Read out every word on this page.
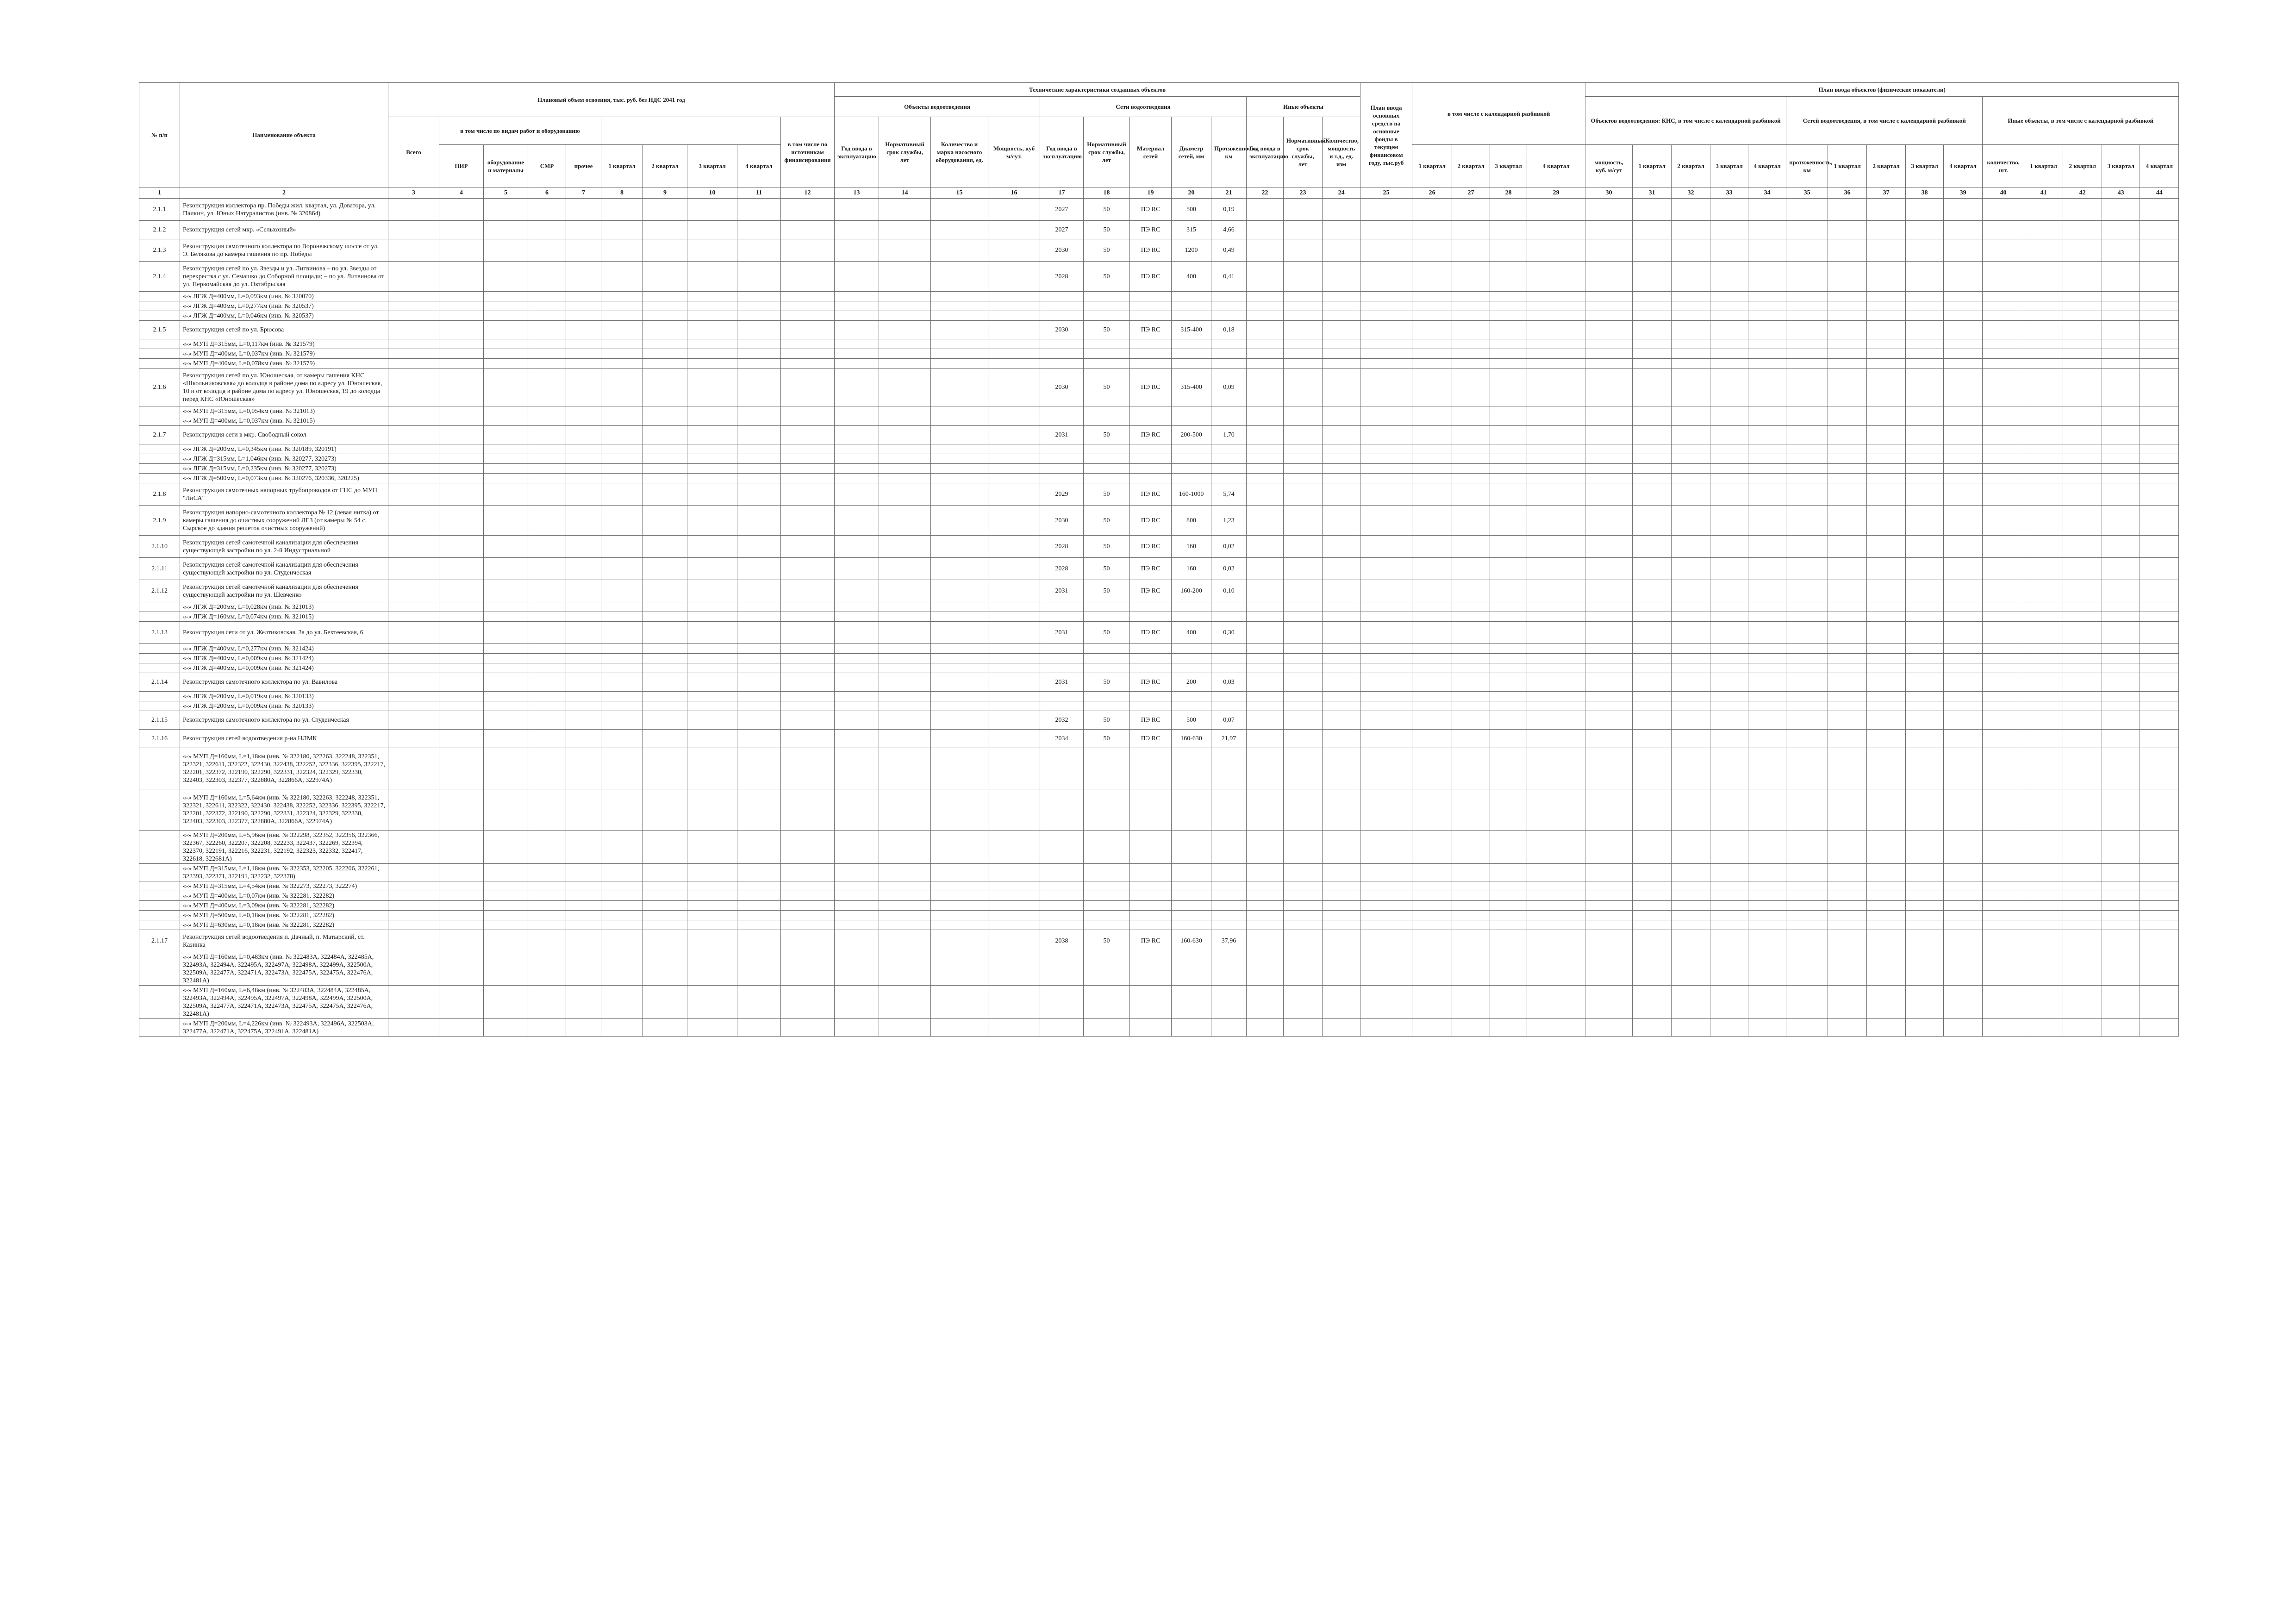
№ п/п	Наименование объекта	Плановый объем освоения, тыс. руб. без НДС 2041 год										Технические характеристики созданных объектов												План ввода основных средств на основные фонды в текущем финансовом году, тыс.руб	в том числе с календарной разбивкой				План ввода объектов (физические показатели)														
												Объекты водоотведения				Сети водоотведения					Иные объекты								Объектов водоотведения: КНС, в том числе с календарной разбивкой					Сетей водоотведения, в том числе с календарной разбивкой					Иные объекты, в том числе с календарной разбивкой				
		Всего	в том числе по видам работ и оборудованию								в том числе по источникам финансирования	Год ввода в эксплуатацию	Нормативный срок службы, лет	Количество и марка насосного оборудования, ед.	Мощность, куб м/сут.	Год ввода в эксплуатацию	Нормативный срок службы, лет	Материал сетей	Диаметр сетей, мм	Протяженность, км	Год ввода в эксплуатацию	Нормативный срок службы, лет	Количество, мощность и т.д., ед. изм																				
			ПИР	оборудование и материалы	СМР	прочее	1 квартал	2 квартал	3 квартал	4 квартал															1 квартал	2 квартал	3 квартал	4 квартал	мощность, куб. м/сут	1 квартал	2 квартал	3 квартал	4 квартал	протяженность, км	1 квартал	2 квартал	3 квартал	4 квартал	количество, шт.	1 квартал	2 квартал	3 квартал	4 квартал
1	2	3	4	5	6	7	8	9	10	11	12	13	14	15	16	17	18	19	20	21	22	23	24	25	26	27	28	29	30	31	32	33	34	35	36	37	38	39	40	41	42	43	44
2.1.1	Реконструкция коллектора пр. Победы жил. квартал, ул. Доватора, ул. Палкин, ул. Юных Натуралистов (инв. № 320864)															2027	50	ПЭ RC	500	0,19																							
2.1.2	Реконструкция сетей мкр. «Сельхозный»															2027	50	ПЭ RC	315	4,66																							
2.1.3	Реконструкция самотечного коллектора по Воронежскому шоссе от ул. Э. Белякова до камеры гашения по пр. Победы															2030	50	ПЭ RC	1200	0,49																							
2.1.4	Реконструкция сетей по ул. Звезды и ул. Литвиновa – по ул. Звезды от перекрестка с ул. Семашко до Соборной площади; – по ул. Литвиновa от ул. Первомайская до ул. Октябрьская															2028	50	ПЭ RC	400	0,41																							
	«-» ЛГЖ Д=400мм, L=0,093км (инв. № 320070)																																										
	«-» ЛГЖ Д=400мм, L=0,277км (инв. № 320537)																																										
	«-» ЛГЖ Д=400мм, L=0,046км (инв. № 320537)																																										
2.1.5	Реконструкция сетей по ул. Брюсовa															2030	50	ПЭ RC	315-400	0,18																							
	«-» МУП Д=315мм, L=0,117км (инв. № 321579)																																										
	«-» МУП Д=400мм, L=0,037км (инв. № 321579)																																										
	«-» МУП Д=400мм, L=0,078км (инв. № 321579)																																										
2.1.6	Реконструкция сетей по ул. Юношеская, от камеры гашения КНС «Школьниковская» до колодца в районе дома по адресу ул. Юношеская, 10 и от колодца в районе дома по адресу ул. Юношеская, 19 до колодца перед КНС «Юношеская»															2030	50	ПЭ RC	315-400	0,09																							
	«-» МУП Д=315мм, L=0,054км (инв. № 321013)																																										
	«-» МУП Д=400мм, L=0,037км (инв. № 321015)																																										
2.1.7	Реконструкция сети в мкр. Свободный сокол															2031	50	ПЭ RC	200-500	1,70																							
	«-» ЛГЖ Д=200мм, L=0,345км (инв. № 320189, 320191)																																										
	«-» ЛГЖ Д=315мм, L=1,046км (инв. № 320277, 320273)																																										
	«-» ЛГЖ Д=315мм, L=0,235км (инв. № 320277, 320273)																																										
	«-» ЛГЖ Д=500мм, L=0,073км (инв. № 320276, 320336, 320225)																																										
2.1.8	Реконструкция самотечных напорных трубопроводов от ГНС до МУП "ЛиСА"															2029	50	ПЭ RC	160-1000	5,74																							
2.1.9	Реконструкция напорно-самотечного коллектора № 12 (левая нитка) от камеры гашения до очистных сооружений ЛГЗ (от камеры № 54 с. Сырское до здания решеток очистных сооружений)															2030	50	ПЭ RC	800	1,23																							
2.1.10	Реконструкция сетей самотечной канализации для обеспечения существующей застройки по ул. 2-й Индустриальной															2028	50	ПЭ RC	160	0,02																							
2.1.11	Реконструкция сетей самотечной канализации для обеспечения существующей застройки по ул. Студенческая															2028	50	ПЭ RC	160	0,02																							
2.1.12	Реконструкция сетей самотечной канализации для обеспечения существующей застройки по ул. Шевченко															2031	50	ПЭ RC	160-200	0,10																							
	«-» ЛГЖ Д=200мм, L=0,028км (инв. № 321013)																																										
	«-» ЛГЖ Д=160мм, L=0,074км (инв. № 321015)																																										
2.1.13	Реконструкция сети от ул. Желтиковская, 3а до ул. Бехтеевская, 6															2031	50	ПЭ RC	400	0,30																							
	«-» ЛГЖ Д=400мм, L=0,277км (инв. № 321424)																																										
	«-» ЛГЖ Д=400мм, L=0,009км (инв. № 321424)																																										
	«-» ЛГЖ Д=400мм, L=0,009км (инв. № 321424)																																										
2.1.14	Реконструкция самотечного коллектора по ул. Вавилова															2031	50	ПЭ RC	200	0,03																							
	«-» ЛГЖ Д=200мм, L=0,019км (инв. № 320133)																																										
	«-» ЛГЖ Д=200мм, L=0,009км (инв. № 320133)																																										
2.1.15	Реконструкция самотечного коллектора по ул. Студенческая															2032	50	ПЭ RC	500	0,07																							
2.1.16	Реконструкция сетей водоотведения р-на НЛМК															2034	50	ПЭ RC	160-630	21,97																							
	«-» МУП Д=160мм, L=1,18км (инв. № 322180, 322263, 322248, 322351, 322321, 322611, 322322, 322430, 322438, 322252, 322336, 322395, 322217, 322201, 322372, 322190, 322290, 322331, 322324, 322329, 322330, 322403, 322303, 322377, 322880А, 322866А, 322974А)																																										
	«-» МУП Д=160мм, L=5,64км (инв. № 322180, 322263, 322248, 322351, 322321, 322611, 322322, 322430, 322438, 322252, 322336, 322395, 322217, 322201, 322372, 322190, 322290, 322331, 322324, 322329, 322330, 322403, 322303, 322377, 322880А, 322866А, 322974А)																																										
	«-» МУП Д=200мм, L=5,96км (инв. № 322298, 322352, 322356, 322366, 322367, 322260, 322207, 322208, 322233, 322437, 322269, 322394, 322370, 322191, 322216, 322231, 322192, 322323, 322332, 322417, 322618, 322681А)																																										
	«-» МУП Д=315мм, L=1,18км (инв. № 322353, 322205, 322206, 322261, 322393, 322371, 322191, 322232, 322378)																																										
	«-» МУП Д=315мм, L=4,54км (инв. № 322273, 322273, 322274)																																										
	«-» МУП Д=400мм, L=0,07км (инв. № 322281, 322282)																																										
	«-» МУП Д=400мм, L=3,09км (инв. № 322281, 322282)																																										
	«-» МУП Д=500мм, L=0,18км (инв. № 322281, 322282)																																										
	«-» МУП Д=630мм, L=0,18км (инв. № 322281, 322282)																																										
2.1.17	Реконструкция сетей водоотведения п. Дачный, п. Матырский, ст. Казинка															2038	50	ПЭ RC	160-630	37,96																							
	«-» МУП Д=160мм, L=0,483км (инв. № 322483А, 322484А, 322485А, 322493А, 322494А, 322495А, 322497А, 322498А, 322499А, 322500А, 322509А, 322477А, 322471А, 322473А, 322475А, 322475А, 322476А, 322481А)																																										
	«-» МУП Д=160мм, L=6,48км (инв. № 322483А, 322484А, 322485А, 322493А, 322494А, 322495А, 322497А, 322498А, 322499А, 322500А, 322509А, 322477А, 322471А, 322473А, 322475А, 322475А, 322476А, 322481А)																																										
	«-» МУП Д=200мм, L=4,226км (инв. № 322493А, 322496А, 322503А, 322477А, 322471А, 322475А, 322491А, 322481А)																																										
